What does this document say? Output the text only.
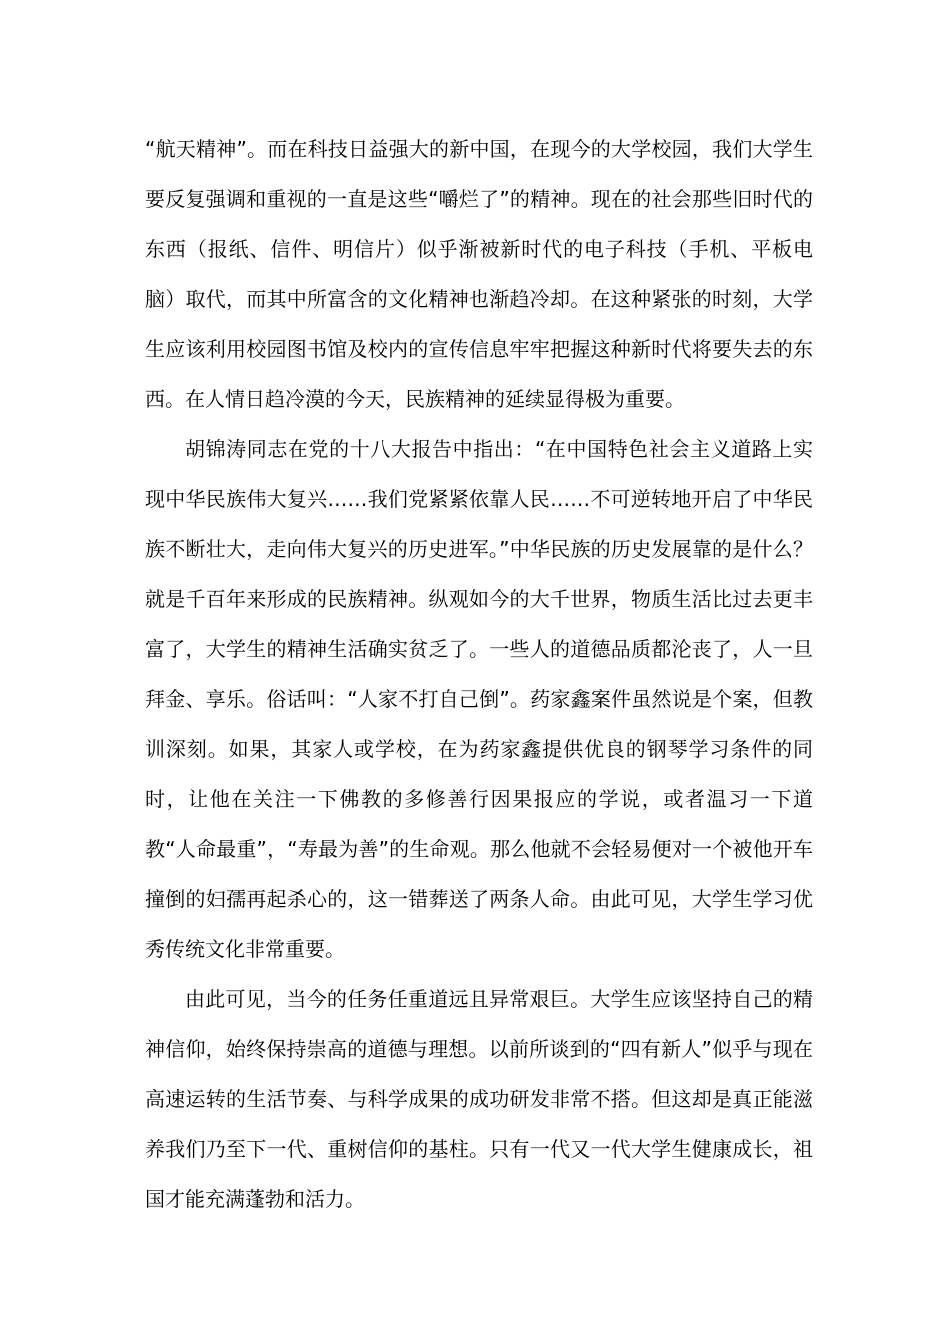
“航天精神”。而在科技日益强大的新中国，在现今的大学校园，我们大学生要反复强调和重视的一直是这些“嚼烂了”的精神。现在的社会那些旧时代的东西（报纸、信件、明信片）似乎渐被新时代的电子科技（手机、平板电脑）取代，而其中所富含的文化精神也渐趋冷却。在这种紧张的时刻，大学生应该利用校园图书馆及校内的宣传信息牢牢把握这种新时代将要失去的东西。在人情日趋冷漠的今天，民族精神的延续显得极为重要。

胡锦涛同志在党的十八大报告中指出：“在中国特色社会主义道路上实现中华民族伟大复兴……我们党紧紧依靠人民……不可逆转地开启了中华民族不断壮大，走向伟大复兴的历史进军。”中华民族的历史发展靠的是什么？就是千百年来形成的民族精神。纵观如今的大千世界，物质生活比过去更丰富了，大学生的精神生活确实贫乏了。一些人的道德品质都沦丧了，人一旦拜金、享乐。俗话叫：“人家不打自己倒”。药家鑫案件虽然说是个案，但教训深刻。如果，其家人或学校，在为药家鑫提供优良的钢琴学习条件的同时，让他在关注一下佛教的多修善行因果报应的学说，或者温习一下道教“人命最重”，“寿最为善”的生命观。那么他就不会轻易便对一个被他开车撞倒的妇孺再起杀心的，这一错葬送了两条人命。由此可见，大学生学习优秀传统文化非常重要。

由此可见，当今的任务任重道远且异常艰巨。大学生应该坚持自己的精神信仰，始终保持崇高的道德与理想。以前所谈到的“四有新人”似乎与现在高速运转的生活节奏、与科学成果的成功研发非常不搭。但这却是真正能滋养我们乃至下一代、重树信仰的基柱。只有一代又一代大学生健康成长，祖国才能充满蓬勃和活力。
